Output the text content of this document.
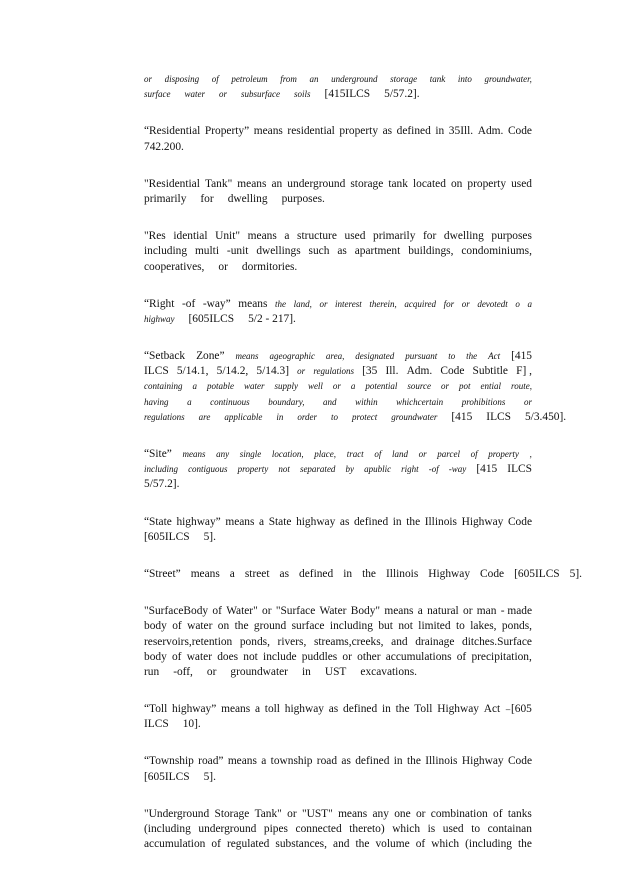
or disposing of petroleum from an underground storage tank into groundwater,
surface water or subsurface soils [415ILCS 5/57.2].
“Residential Property” means residential property as defined in 35Ill. Adm. Code
742.200.
"Residential Tank" means an underground storage tank located on property used
primarily for dwelling purposes.
"Res idential Unit" means a structure used primarily for dwelling purposes
including multi -unit dwellings such as apartment buildings, condominiums,
cooperatives, or dormitories.
“Right -of -way” means the land, or interest therein, acquired for or devotedt o a
highway [605ILCS 5/2 - 217].
“Setback Zone” means ageographic area, designated pursuant to the Act [415
ILCS 5/14.1, 5/14.2, 5/14.3] or regulations [35 Ill. Adm. Code Subtitle F] ,
containing a potable water supply well or a potential source or pot ential route,
having a continuous boundary, and within whichcertain prohibitions or
regulations are applicable in order to protect groundwater [415 ILCS 5/3.450].
“Site” means any single location, place, tract of land or parcel of property ,
including contiguous property not separated by apublic right -of -way [415 ILCS
5/57.2].
“State highway” means a State highway as defined in the Illinois Highway Code
[605ILCS 5].
“Street” means a street as defined in the Illinois Highway Code [605ILCS 5].
"SurfaceBody of Water" or "Surface Water Body" means a natural or man - made
body of water on the ground surface including but not limited to lakes, ponds,
reservoirs,retention ponds, rivers, streams,creeks, and drainage ditches.Surface
body of water does not include puddles or other accumulations of precipitation,
run -off, or groundwater in UST excavations.
“Toll highway” means a toll highway as defined in the Toll Highway Act ₋[605
ILCS 10].
“Township road” means a township road as defined in the Illinois Highway Code
[605ILCS 5].
"Underground Storage Tank" or "UST" means any one or combination of tanks
(including underground pipes connected thereto) which is used to containan
accumulation of regulated substances, and the volume of which (including the
